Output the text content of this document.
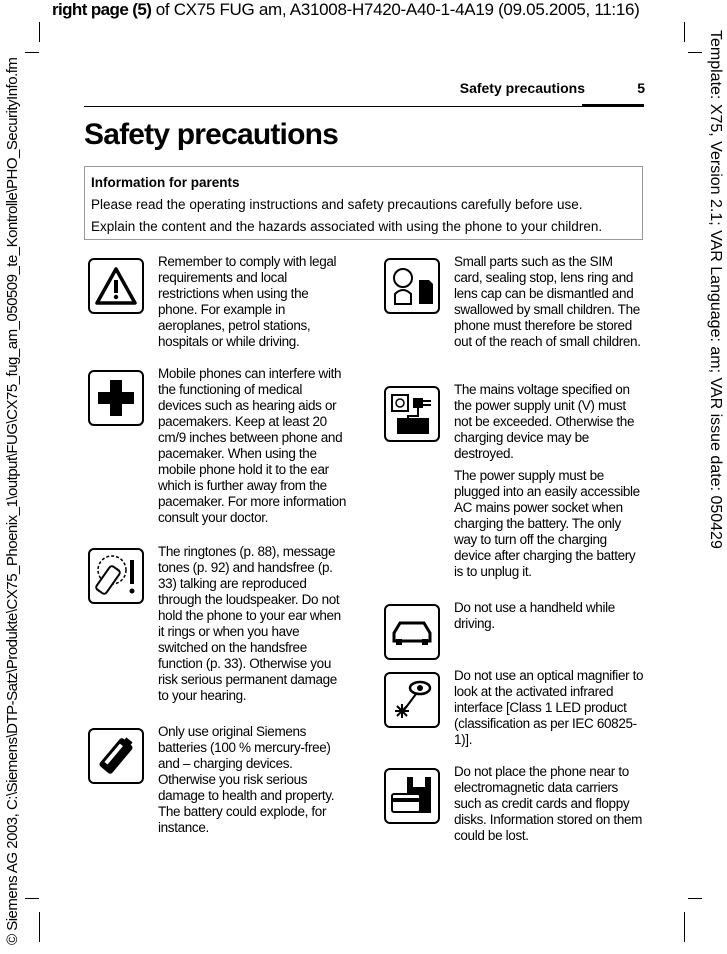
right page (5) of CX75 FUG am, A31008-H7420-A40-1-4A19 (09.05.2005, 11:16)
© Siemens AG 2003, C:\Siemens\DTP-Satz\Produkte\CX75_Phoenix_1\output\FUG\CX75_fug_am_050509_te_Kontrolle\PHO_SecurityInfo.fm	Template: X75, Version 2.1; VAR Language: am; VAR issue date: 050429
Safety precautions	5
Safety precautions
Information for parents
Please read the operating instructions and safety precautions carefully before use.
Explain the content and the hazards associated with using the phone to your children.

Remember to comply with legal requirements and local restrictions when using the phone. For example in aeroplanes, petrol stations, hospitals or while driving.

Mobile phones can interfere with the functioning of medical devices such as hearing aids or pacemakers. Keep at least 20 cm/9 inches between phone and pacemaker. When using the mobile phone hold it to the ear which is further away from the pacemaker. For more information consult your doctor.

The ringtones (p. 88), message tones (p. 92) and handsfree (p. 33) talking are reproduced through the loudspeaker. Do not hold the phone to your ear when it rings or when you have switched on the handsfree function (p. 33). Otherwise you risk serious permanent damage to your hearing.

Only use original Siemens batteries (100 % mercury-free) and – charging devices. Otherwise you risk serious damage to health and property. The battery could explode, for instance.

Small parts such as the SIM card, sealing stop, lens ring and lens cap can be dismantled and swallowed by small children. The phone must therefore be stored out of the reach of small children.

The mains voltage specified on the power supply unit (V) must not be exceeded. Otherwise the charging device may be destroyed.

The power supply must be plugged into an easily accessible AC mains power socket when charging the battery. The only way to turn off the charging device after charging the battery is to unplug it.

Do not use a handheld while driving.

Do not use an optical magnifier to look at the activated infrared interface [Class 1 LED product (classification as per IEC 60825-1)].

Do not place the phone near to electromagnetic data carriers such as credit cards and floppy disks. Information stored on them could be lost.
